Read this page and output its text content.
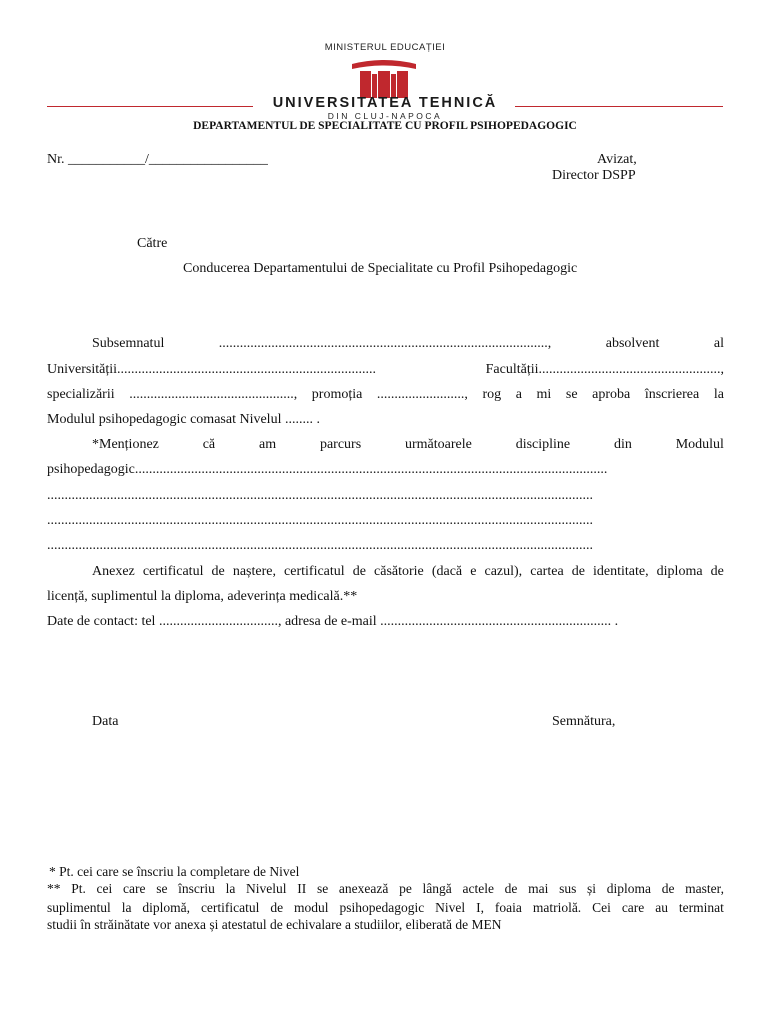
MINISTERUL EDUCAȚIEI
UNIVERSITATEA TEHNICĂ
DIN CLUJ-NAPOCA
DEPARTAMENTUL DE SPECIALITATE CU PROFIL PSIHOPEDAGOGIC
Nr. ___________/_________________	Avizat,
Director DSPP
Către
Conducerea Departamentului de Specialitate cu Profil Psihopedagogic
Subsemnatul	..............................................................................................,	absolvent	al
Universității..........................................................................	Facultății....................................................,
specializării ..............................................., promoția ........................., rog a mi se aproba înscrierea la
Modulul psihopedagogic comasat Nivelul ........ .
*Menționez	că	am	parcurs	următoarele	discipline	din	Modulul
psihopedagogic.......................................................................................................................................
............................................................................................................................................................
............................................................................................................................................................
............................................................................................................................................................
Anexez certificatul de naștere, certificatul de căsătorie (dacă e cazul), cartea de identitate, diploma de
licență, suplimentul la diploma, adeverința medicală.**
Date de contact: tel .................................., adresa de e-mail .................................................................. .
Data	Semnătura,
* Pt. cei care se înscriu la completare de Nivel
** Pt. cei care se înscriu la Nivelul II se anexează pe lângă actele de mai sus și diploma de master,
suplimentul la diplomă, certificatul de modul psihopedagogic Nivel I, foaia matriolă. Cei care au terminat
studii în străinătate vor anexa și atestatul de echivalare a studiilor, eliberată de MEN
